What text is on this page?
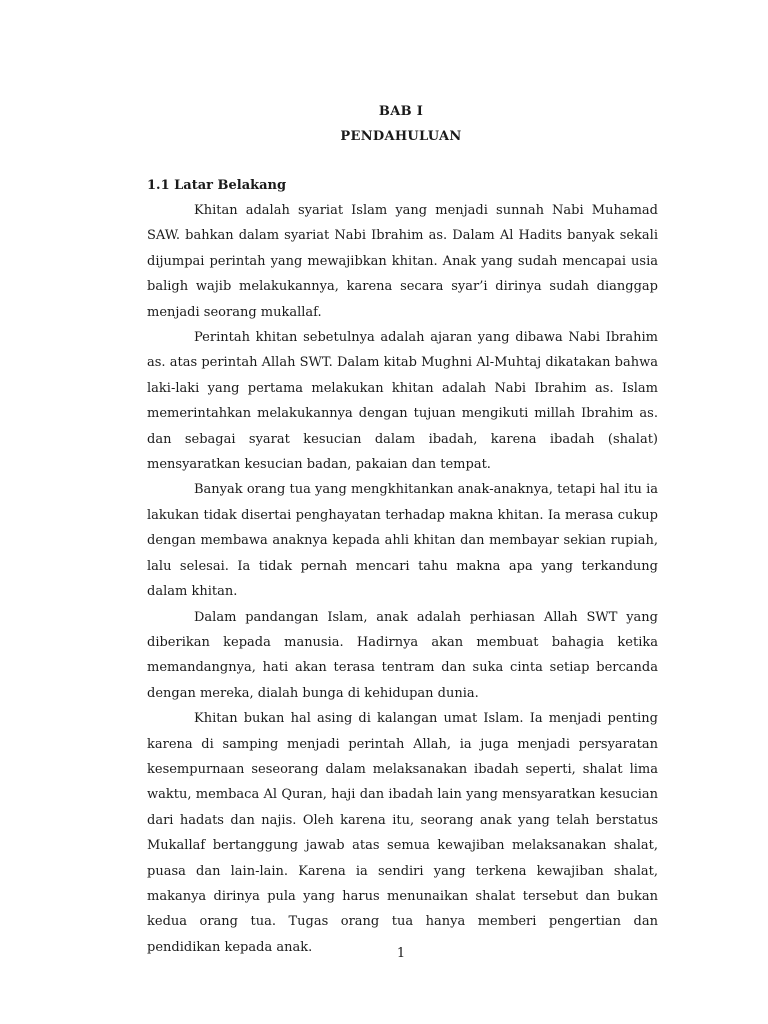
BAB I
PENDAHULUAN
1.1 Latar Belakang

Khitan adalah syariat Islam yang menjadi sunnah Nabi Muhamad SAW. bahkan dalam syariat Nabi Ibrahim as. Dalam Al Hadits banyak sekali dijumpai perintah yang mewajibkan khitan. Anak yang sudah mencapai usia baligh wajib melakukannya, karena secara syar’i dirinya sudah dianggap menjadi seorang mukallaf.

Perintah khitan sebetulnya adalah ajaran yang dibawa Nabi Ibrahim as. atas perintah Allah SWT. Dalam kitab Mughni Al-Muhtaj dikatakan bahwa laki-laki yang pertama melakukan khitan adalah Nabi Ibrahim as. Islam memerintahkan melakukannya dengan tujuan mengikuti millah Ibrahim as. dan sebagai syarat kesucian dalam ibadah, karena ibadah (shalat) mensyaratkan kesucian badan, pakaian dan tempat.

Banyak orang tua yang mengkhitankan anak-anaknya, tetapi hal itu ia lakukan tidak disertai penghayatan terhadap makna khitan. Ia merasa cukup dengan membawa anaknya kepada ahli khitan dan membayar sekian rupiah, lalu selesai. Ia tidak pernah mencari tahu makna apa yang terkandung dalam khitan.

Dalam pandangan Islam, anak adalah perhiasan Allah SWT yang diberikan kepada manusia. Hadirnya akan membuat bahagia ketika memandangnya, hati akan terasa tentram dan suka cinta setiap bercanda dengan mereka, dialah bunga di kehidupan dunia.

Khitan bukan hal asing di kalangan umat Islam. Ia menjadi penting karena di samping menjadi perintah Allah, ia juga menjadi persyaratan kesempurnaan seseorang dalam melaksanakan ibadah seperti, shalat lima waktu, membaca Al Quran, haji dan ibadah lain yang mensyaratkan kesucian dari hadats dan najis. Oleh karena itu, seorang anak yang telah berstatus Mukallaf bertanggung jawab atas semua kewajiban melaksanakan shalat, puasa dan lain-lain. Karena ia sendiri yang terkena kewajiban shalat, makanya dirinya pula yang harus menunaikan shalat tersebut dan bukan kedua orang tua. Tugas orang tua hanya memberi pengertian dan pendidikan kepada anak.	1
